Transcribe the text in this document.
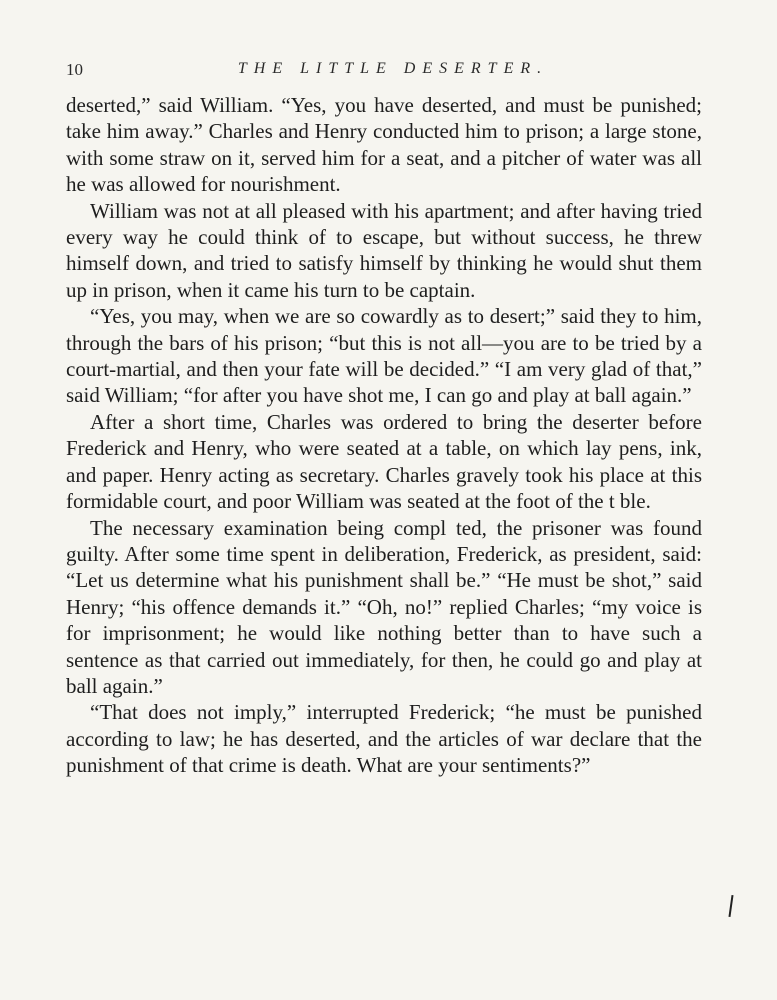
10	THE LITTLE DESERTER.

deserted,” said William. “Yes, you have deserted, and must be punished; take him away.” Charles and Henry conducted him to prison; a large stone, with some straw on it, served him for a seat, and a pitcher of water was all he was allowed for nourishment.

William was not at all pleased with his apartment; and after having tried every way he could think of to escape, but without success, he threw himself down, and tried to satisfy himself by thinking he would shut them up in prison, when it came his turn to be captain.

“Yes, you may, when we are so cowardly as to desert;” said they to him, through the bars of his prison; “but this is not all—you are to be tried by a court-martial, and then your fate will be decided.” “I am very glad of that,” said William; “for after you have shot me, I can go and play at ball again.”

After a short time, Charles was ordered to bring the deserter before Frederick and Henry, who were seated at a table, on which lay pens, ink, and paper. Henry acting as secretary. Charles gravely took his place at this formidable court, and poor William was seated at the foot of the t ble.

The necessary examination being compl ted, the prisoner was found guilty. After some time spent in deliberation, Frederick, as president, said: “Let us determine what his punishment shall be.” “He must be shot,” said Henry; “his offence demands it.” “Oh, no!” replied Charles; “my voice is for imprisonment; he would like nothing better than to have such a sentence as that carried out immediately, for then, he could go and play at ball again.”

“That does not imply,” interrupted Frederick; “he must be punished according to law; he has deserted, and the articles of war declare that the punishment of that crime is death. What are your sentiments?”
